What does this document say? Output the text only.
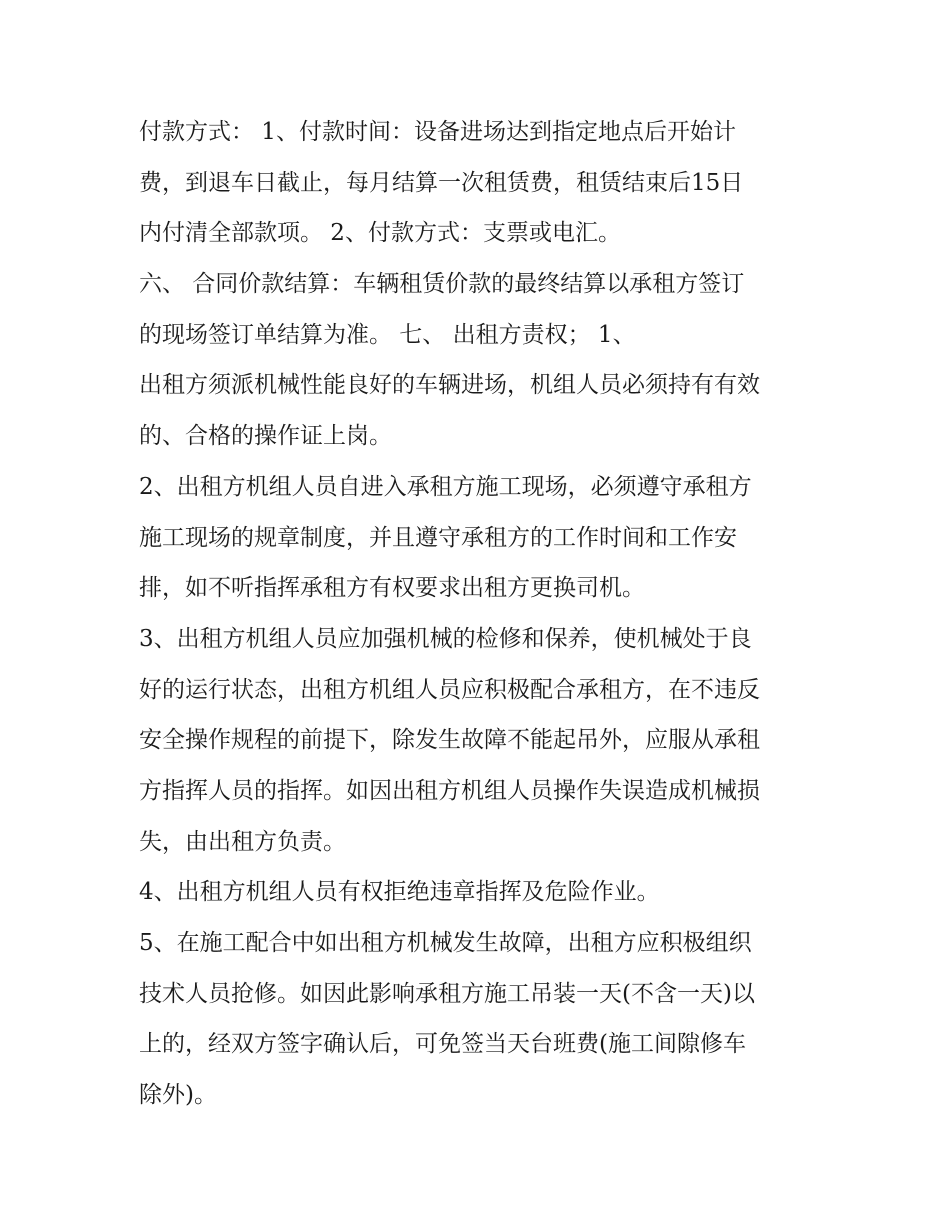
付款方式： 1、付款时间：设备进场达到指定地点后开始计
费，到退车日截止，每月结算一次租赁费，租赁结束后15日
内付清全部款项。 2、付款方式：支票或电汇。
六、 合同价款结算：车辆租赁价款的最终结算以承租方签订
的现场签订单结算为准。 七、 出租方责权； 1、
出租方须派机械性能良好的车辆进场，机组人员必须持有有效
的、合格的操作证上岗。
2、出租方机组人员自进入承租方施工现场，必须遵守承租方
施工现场的规章制度，并且遵守承租方的工作时间和工作安
排，如不听指挥承租方有权要求出租方更换司机。
3、出租方机组人员应加强机械的检修和保养，使机械处于良
好的运行状态，出租方机组人员应积极配合承租方，在不违反
安全操作规程的前提下，除发生故障不能起吊外，应服从承租
方指挥人员的指挥。如因出租方机组人员操作失误造成机械损
失，由出租方负责。
4、出租方机组人员有权拒绝违章指挥及危险作业。
5、在施工配合中如出租方机械发生故障，出租方应积极组织
技术人员抢修。如因此影响承租方施工吊装一天(不含一天)以
上的，经双方签字确认后，可免签当天台班费(施工间隙修车
除外)。
